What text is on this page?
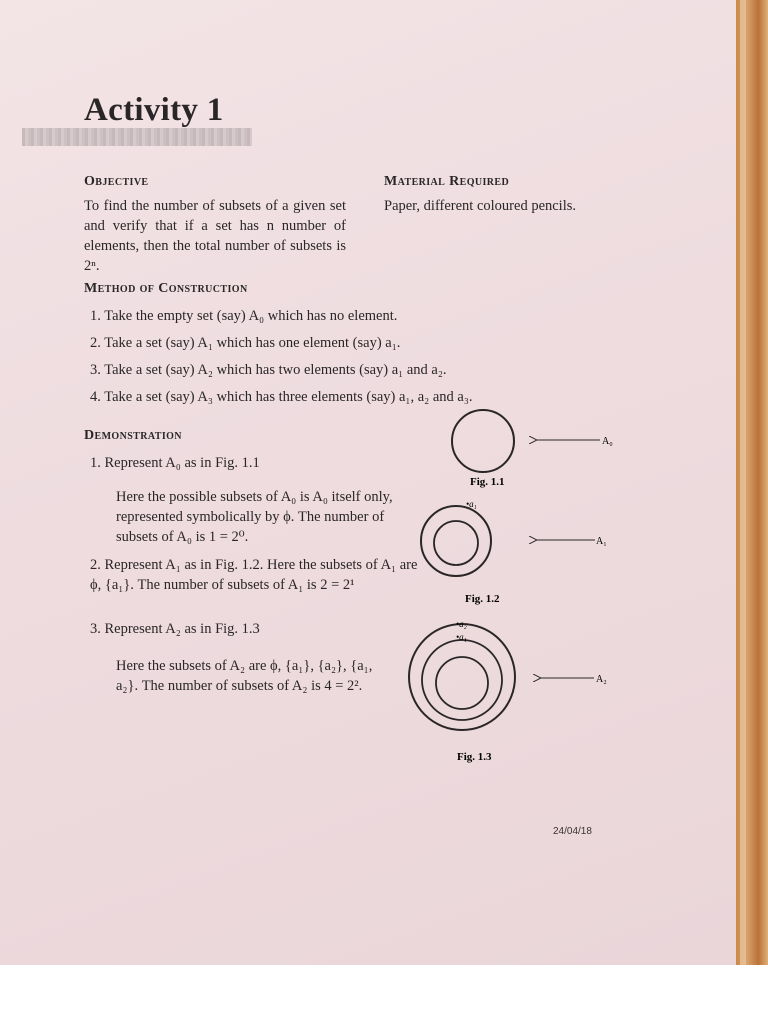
Activity 1
Objective
To find the number of subsets of a given set and verify that if a set has n number of elements, then the total number of subsets is 2ⁿ.
Material Required
Paper, different coloured pencils.
Method of Construction
1. Take the empty set (say) A₀ which has no element.
2. Take a set (say) A₁ which has one element (say) a₁.
3. Take a set (say) A₂ which has two elements (say) a₁ and a₂.
4. Take a set (say) A₃ which has three elements (say) a₁, a₂ and a₃.
Demonstration
1. Represent A₀ as in Fig. 1.1
Here the possible subsets of A₀ is A₀ itself only, represented symbolically by ϕ. The number of subsets of A₀ is 1 = 2⁰.
2. Represent A₁ as in Fig. 1.2. Here the subsets of A₁ are ϕ, {a₁}. The number of subsets of A₁ is 2 = 2¹
3. Represent A₂ as in Fig. 1.3
Here the subsets of A₂ are ϕ, {a₁}, {a₂}, {a₁, a₂}. The number of subsets of A₂ is 4 = 2².
A₀
Fig. 1.1
•a₁
A₁
Fig. 1.2
•a₂
•a₁
A₂
Fig. 1.3
24/04/18
